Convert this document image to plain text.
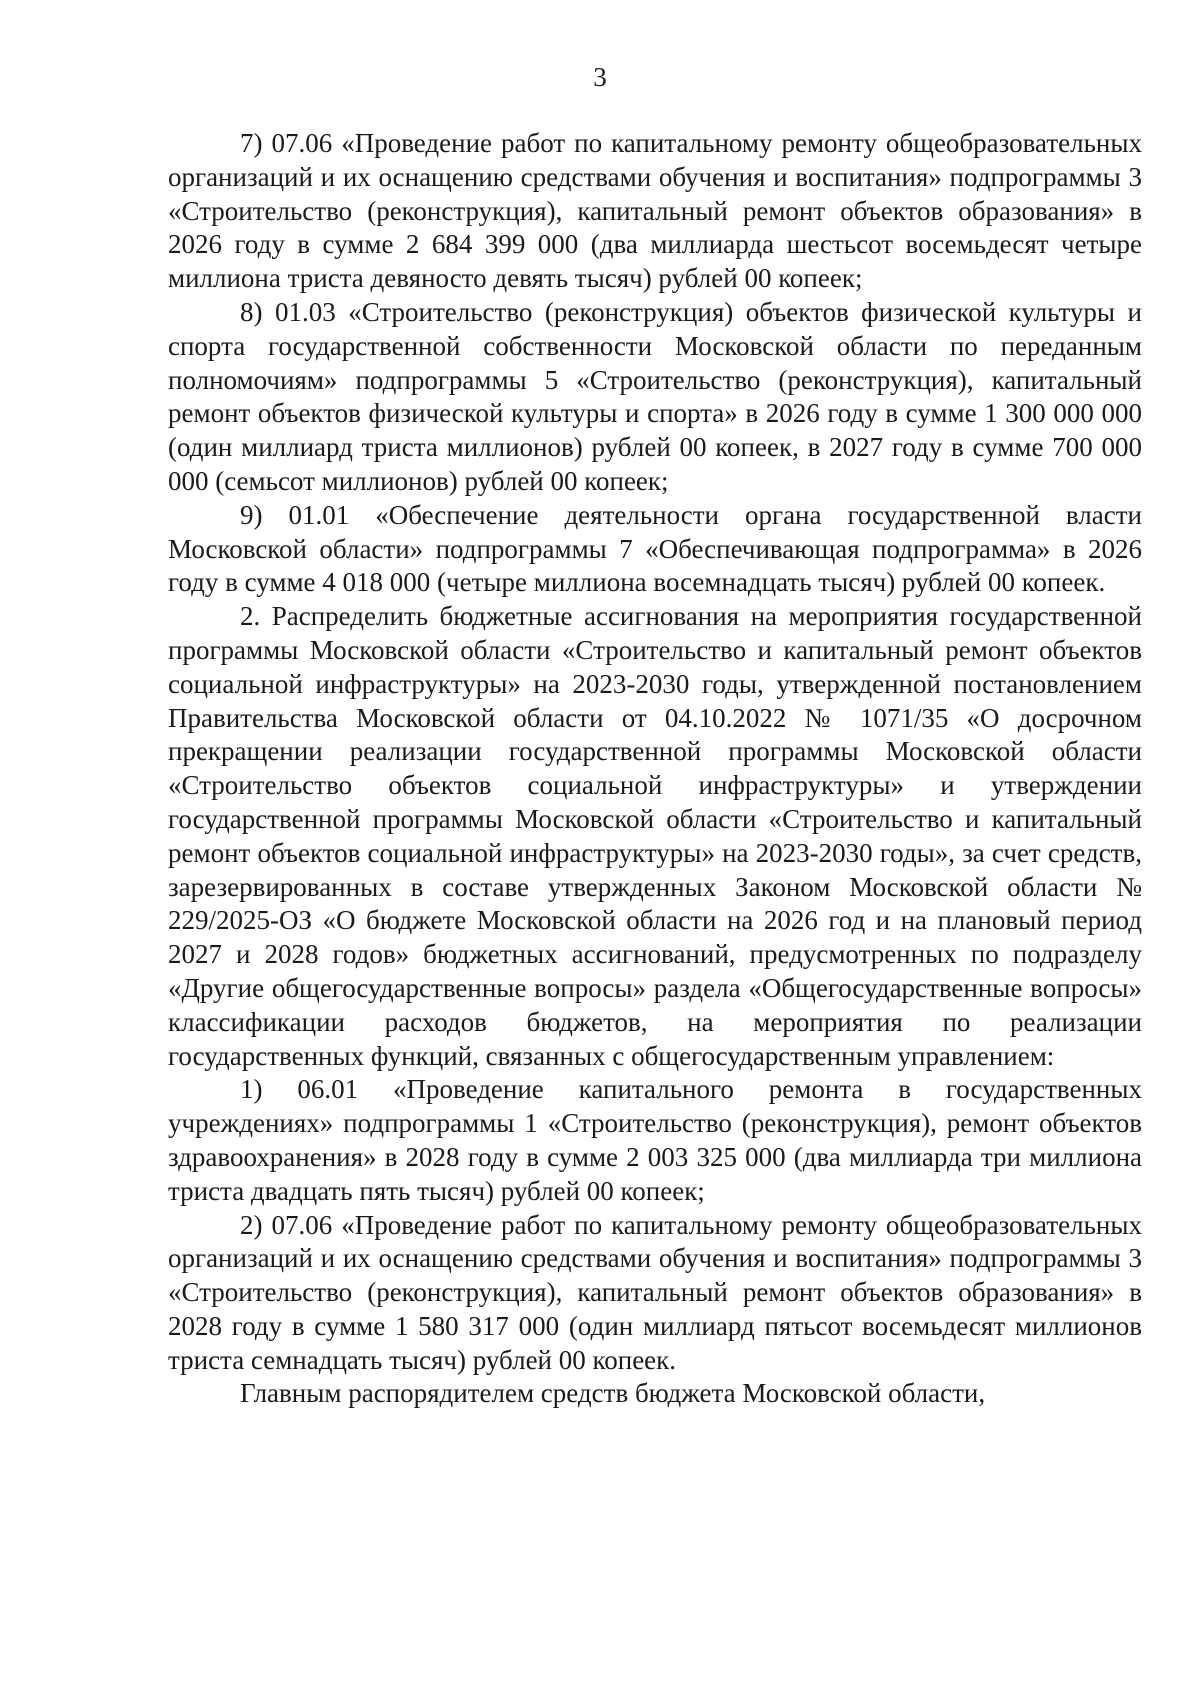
3

7) 07.06 «Проведение работ по капитальному ремонту общеобразовательных организаций и их оснащению средствами обучения и воспитания» подпрограммы 3 «Строительство (реконструкция), капитальный ремонт объектов образования» в 2026 году в сумме 2 684 399 000 (два миллиарда шестьсот восемьдесят четыре миллиона триста девяносто девять тысяч) рублей 00 копеек;

8) 01.03 «Строительство (реконструкция) объектов физической культуры и спорта государственной собственности Московской области по переданным полномочиям» подпрограммы 5 «Строительство (реконструкция), капитальный ремонт объектов физической культуры и спорта» в 2026 году в сумме 1 300 000 000 (один миллиард триста миллионов) рублей 00 копеек, в 2027 году в сумме 700 000 000 (семьсот миллионов) рублей 00 копеек;

9) 01.01 «Обеспечение деятельности органа государственной власти Московской области» подпрограммы 7 «Обеспечивающая подпрограмма» в 2026 году в сумме 4 018 000 (четыре миллиона восемнадцать тысяч) рублей 00 копеек.

2. Распределить бюджетные ассигнования на мероприятия государственной программы Московской области «Строительство и капитальный ремонт объектов социальной инфраструктуры» на 2023-2030 годы, утвержденной постановлением Правительства Московской области от 04.10.2022 № 1071/35 «О досрочном прекращении реализации государственной программы Московской области «Строительство объектов социальной инфраструктуры» и утверждении государственной программы Московской области «Строительство и капитальный ремонт объектов социальной инфраструктуры» на 2023-2030 годы», за счет средств, зарезервированных в составе утвержденных Законом Московской области № 229/2025-ОЗ «О бюджете Московской области на 2026 год и на плановый период 2027 и 2028 годов» бюджетных ассигнований, предусмотренных по подразделу «Другие общегосударственные вопросы» раздела «Общегосударственные вопросы» классификации расходов бюджетов, на мероприятия по реализации государственных функций, связанных с общегосударственным управлением:

1) 06.01 «Проведение капитального ремонта в государственных учреждениях» подпрограммы 1 «Строительство (реконструкция), ремонт объектов здравоохранения» в 2028 году в сумме 2 003 325 000 (два миллиарда три миллиона триста двадцать пять тысяч) рублей 00 копеек;

2) 07.06 «Проведение работ по капитальному ремонту общеобразовательных организаций и их оснащению средствами обучения и воспитания» подпрограммы 3 «Строительство (реконструкция), капитальный ремонт объектов образования» в 2028 году в сумме 1 580 317 000 (один миллиард пятьсот восемьдесят миллионов триста семнадцать тысяч) рублей 00 копеек.

Главным распорядителем средств бюджета Московской области,
